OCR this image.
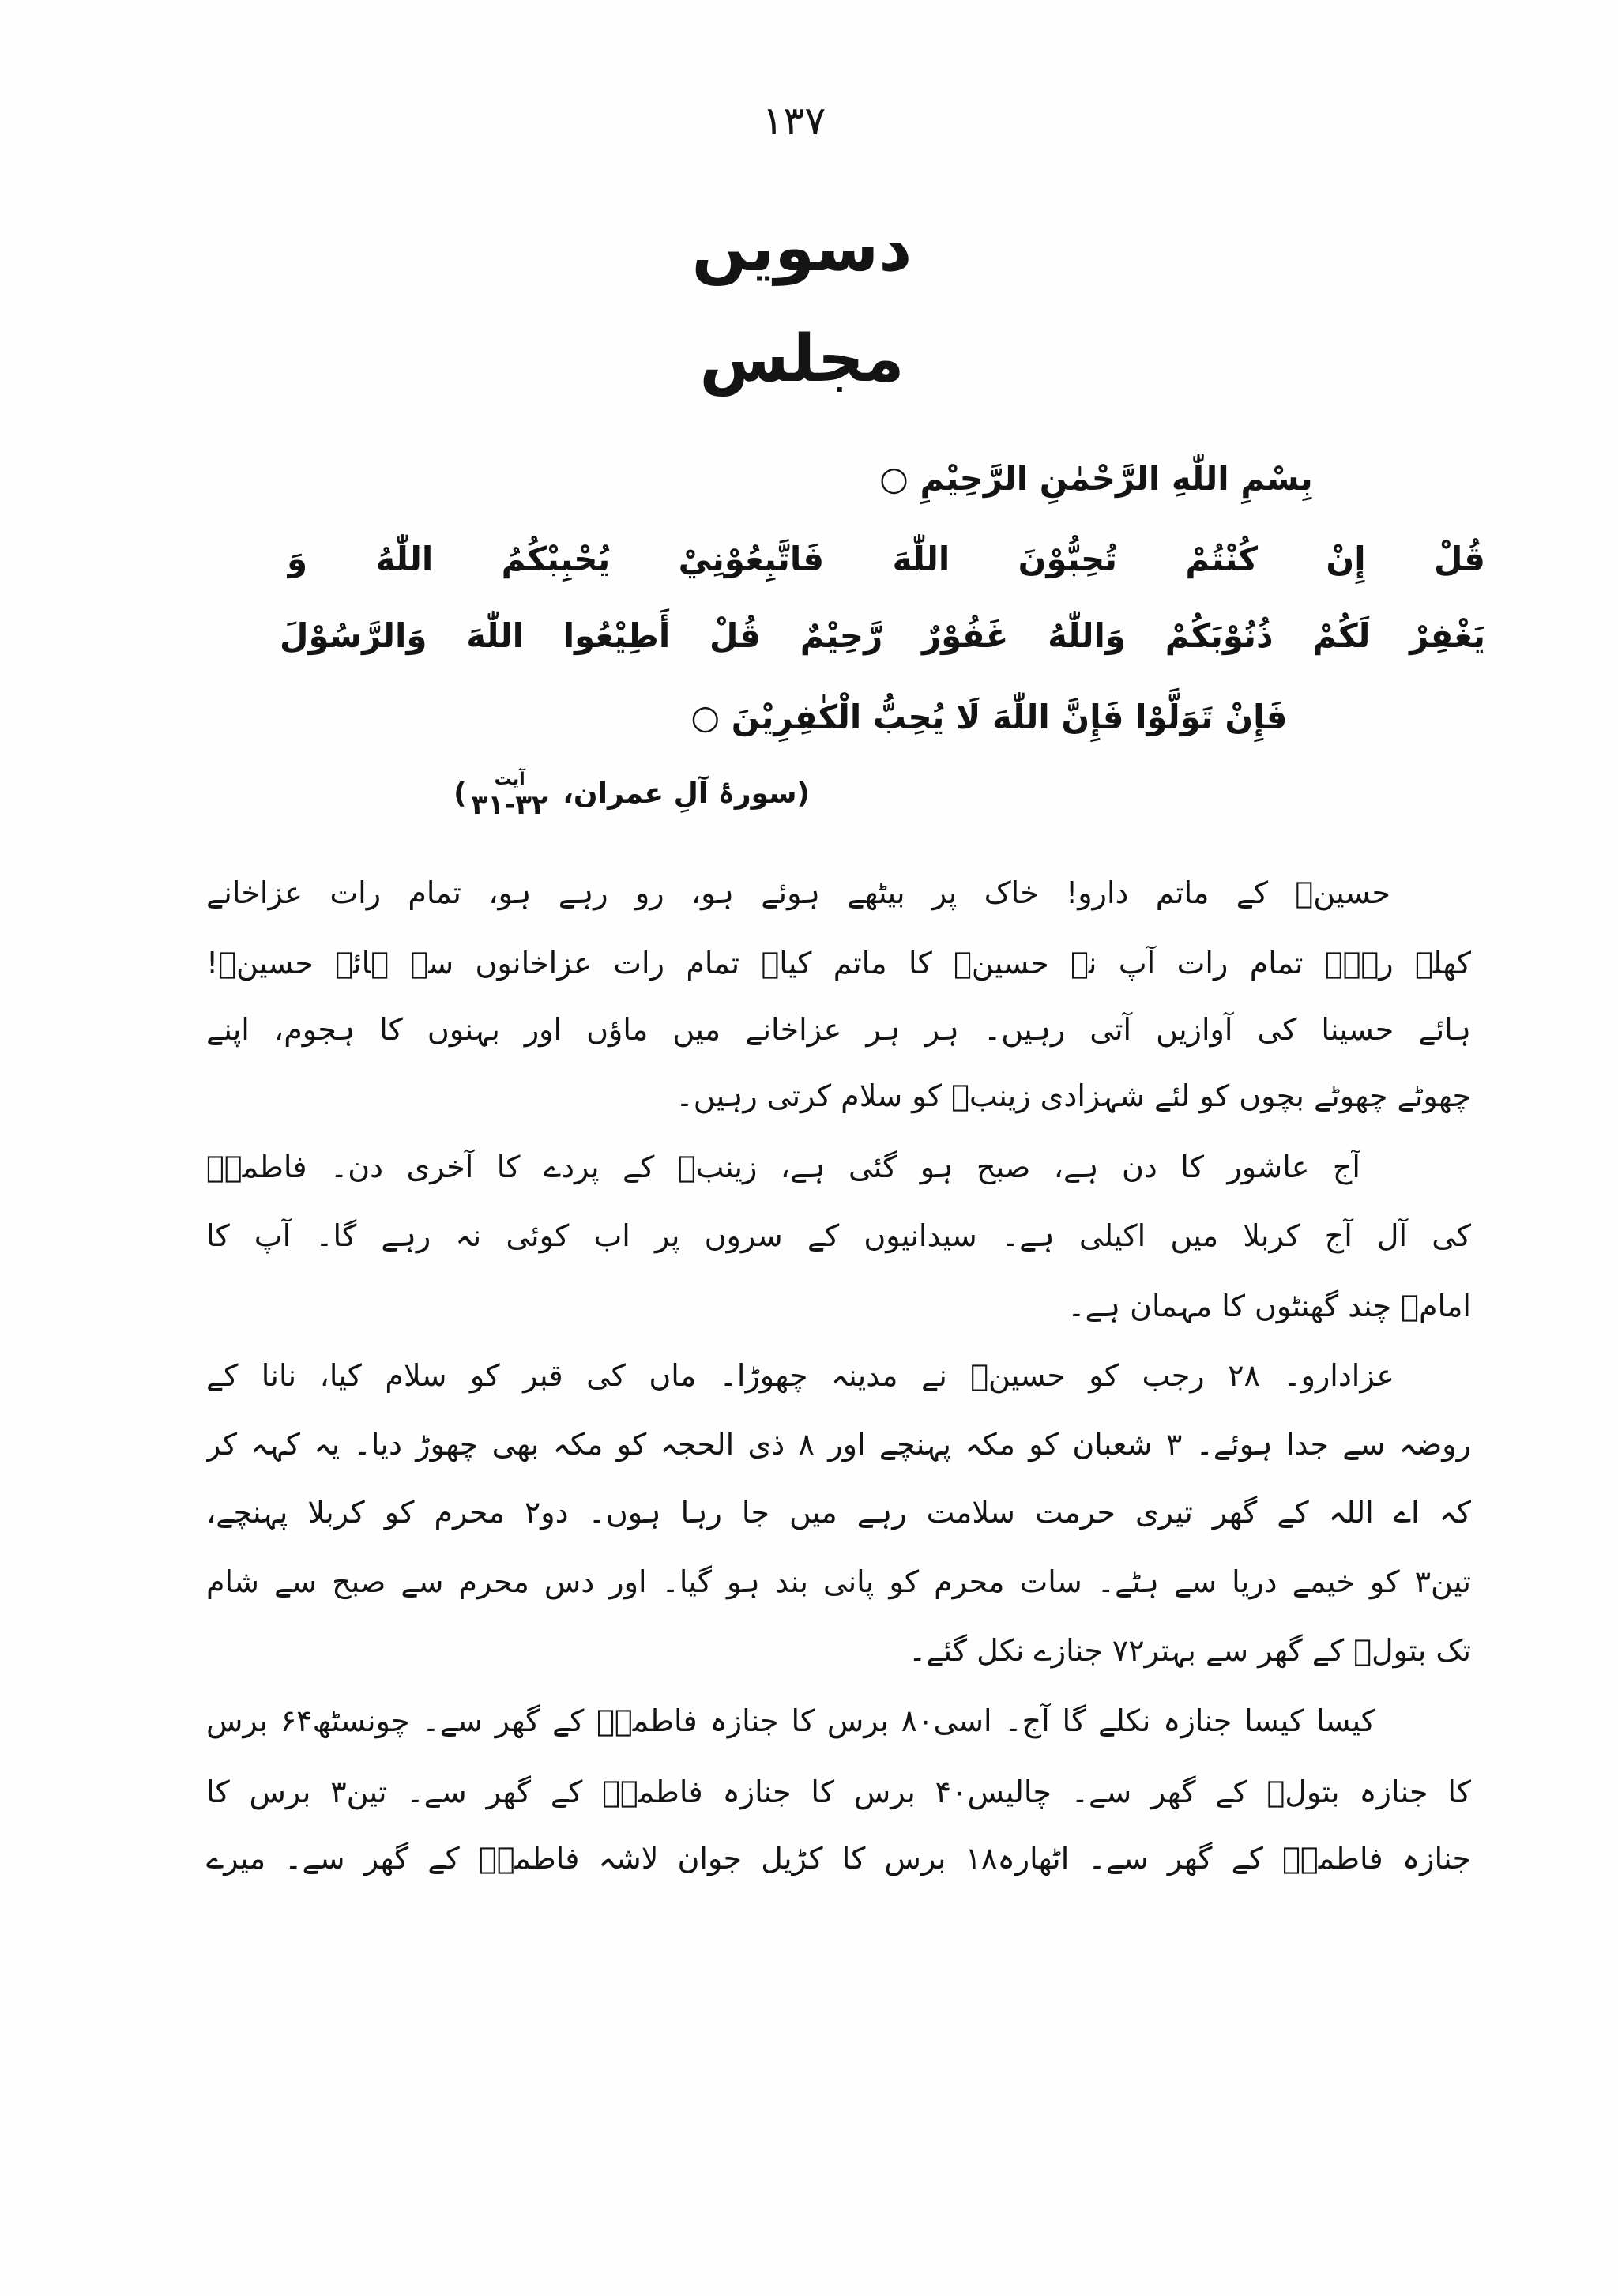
۱۳۷
دسویں مجلس
بِسْمِ اللّٰهِ الرَّحْمٰنِ الرَّحِيْمِ ○
قُلْ إِنْ كُنْتُمْ تُحِبُّوْنَ اللّٰهَ فَاتَّبِعُوْنِيْ يُحْبِبْكُمُ اللّٰهُ وَ
يَغْفِرْ لَكُمْ ذُنُوْبَكُمْ وَاللّٰهُ غَفُوْرٌ رَّحِيْمٌ قُلْ أَطِيْعُوا اللّٰهَ وَالرَّسُوْلَ
فَإِنْ تَوَلَّوْا فَإِنَّ اللّٰهَ لَا يُحِبُّ الْكٰفِرِيْنَ ○
(سورۂ آلِ عمران،
آیت
۳۱-۳۲
)
حسینؑ کے ماتم دارو! خاک پر بیٹھے ہوئے ہو، رو رہے ہو، تمام رات عزاخانے
کھلے رہے۔ تمام رات آپ نے حسینؑ کا ماتم کیا۔ تمام رات عزاخانوں سے ہائے حسینؑ!
ہائے حسینا کی آوازیں آتی رہیں۔ ہر ہر عزاخانے میں ماؤں اور بہنوں کا ہجوم، اپنے
چھوٹے چھوٹے بچوں کو لئے شہزادی زینبؑ کو سلام کرتی رہیں۔
آج عاشور کا دن ہے، صبح ہو گئی ہے، زینبؑ کے پردے کا آخری دن۔ فاطمہؑ
کی آل آج کربلا میں اکیلی ہے۔ سیدانیوں کے سروں پر اب کوئی نہ رہے گا۔ آپ کا
امامؑ چند گھنٹوں کا مہمان ہے۔
عزادارو۔ ۲۸ رجب کو حسینؑ نے مدینہ چھوڑا۔ ماں کی قبر کو سلام کیا، نانا کے
روضہ سے جدا ہوئے۔ ۳ شعبان کو مکہ پہنچے اور ۸ ذی الحجہ کو مکہ بھی چھوڑ دیا۔ یہ کہہ کر
کہ اے اللہ کے گھر تیری حرمت سلامت رہے میں جا رہا ہوں۔ دو۲ محرم کو کربلا پہنچے،
تین۳ کو خیمے دریا سے ہٹے۔ سات محرم کو پانی بند ہو گیا۔ اور دس محرم سے صبح سے شام
تک بتولؑ کے گھر سے بہتر۷۲ جنازے نکل گئے۔
کیسا کیسا جنازہ نکلے گا آج۔ اسی۸۰ برس کا جنازہ فاطمہؑ کے گھر سے۔ چونسٹھ۶۴ برس
کا جنازہ بتولؑ کے گھر سے۔ چالیس۴۰ برس کا جنازہ فاطمہؑ کے گھر سے۔ تین۳ برس کا
جنازہ فاطمہؑ کے گھر سے۔ اٹھارہ۱۸ برس کا کڑیل جوان لاشہ فاطمہؑ کے گھر سے۔ میرے
